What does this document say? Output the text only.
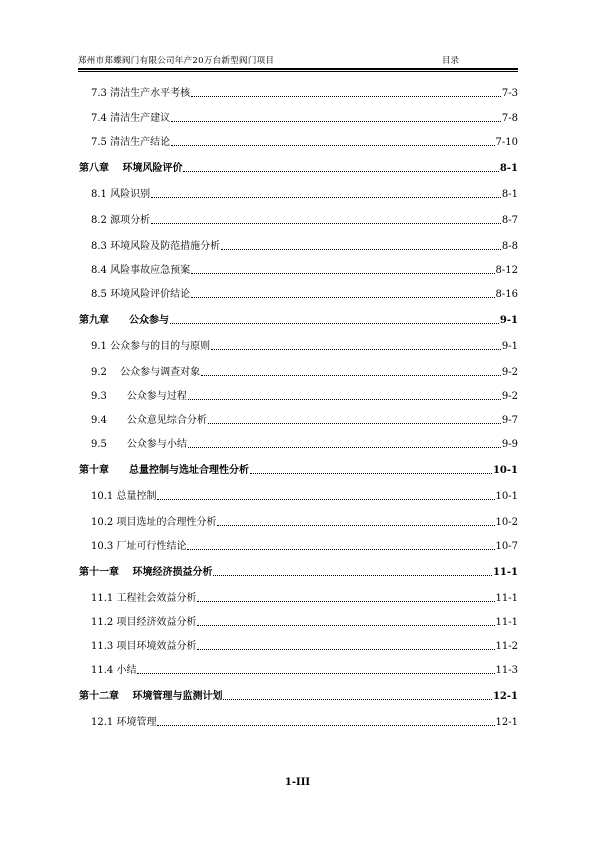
郑州市郑蝶阀门有限公司年产20万台新型阀门项目	目录
7.3 清洁生产水平考核	7-3
7.4 清洁生产建议	7-8
7.5 清洁生产结论	7-10
第八章　 环境风险评价	8-1
8.1 风险识别	8-1
8.2 源项分析	8-7
8.3 环境风险及防范措施分析	8-8
8.4 风险事故应急预案	8-12
8.5 环境风险评价结论	8-16
第九章　　公众参与	9-1
9.1 公众参与的目的与原则	9-1
9.2　 公众参与调查对象	9-2
9.3　　公众参与过程	9-2
9.4　　公众意见综合分析	9-7
9.5　　公众参与小结	9-9
第十章　　总量控制与选址合理性分析	10-1
10.1 总量控制	10-1
10.2 项目选址的合理性分析	10-2
10.3 厂址可行性结论	10-7
第十一章　 环境经济损益分析	11-1
11.1 工程社会效益分析	11-1
11.2 项目经济效益分析	11-1
11.3 项目环境效益分析	11-2
11.4 小结	11-3
第十二章　 环境管理与监测计划	12-1
12.1 环境管理	12-1
1-III
